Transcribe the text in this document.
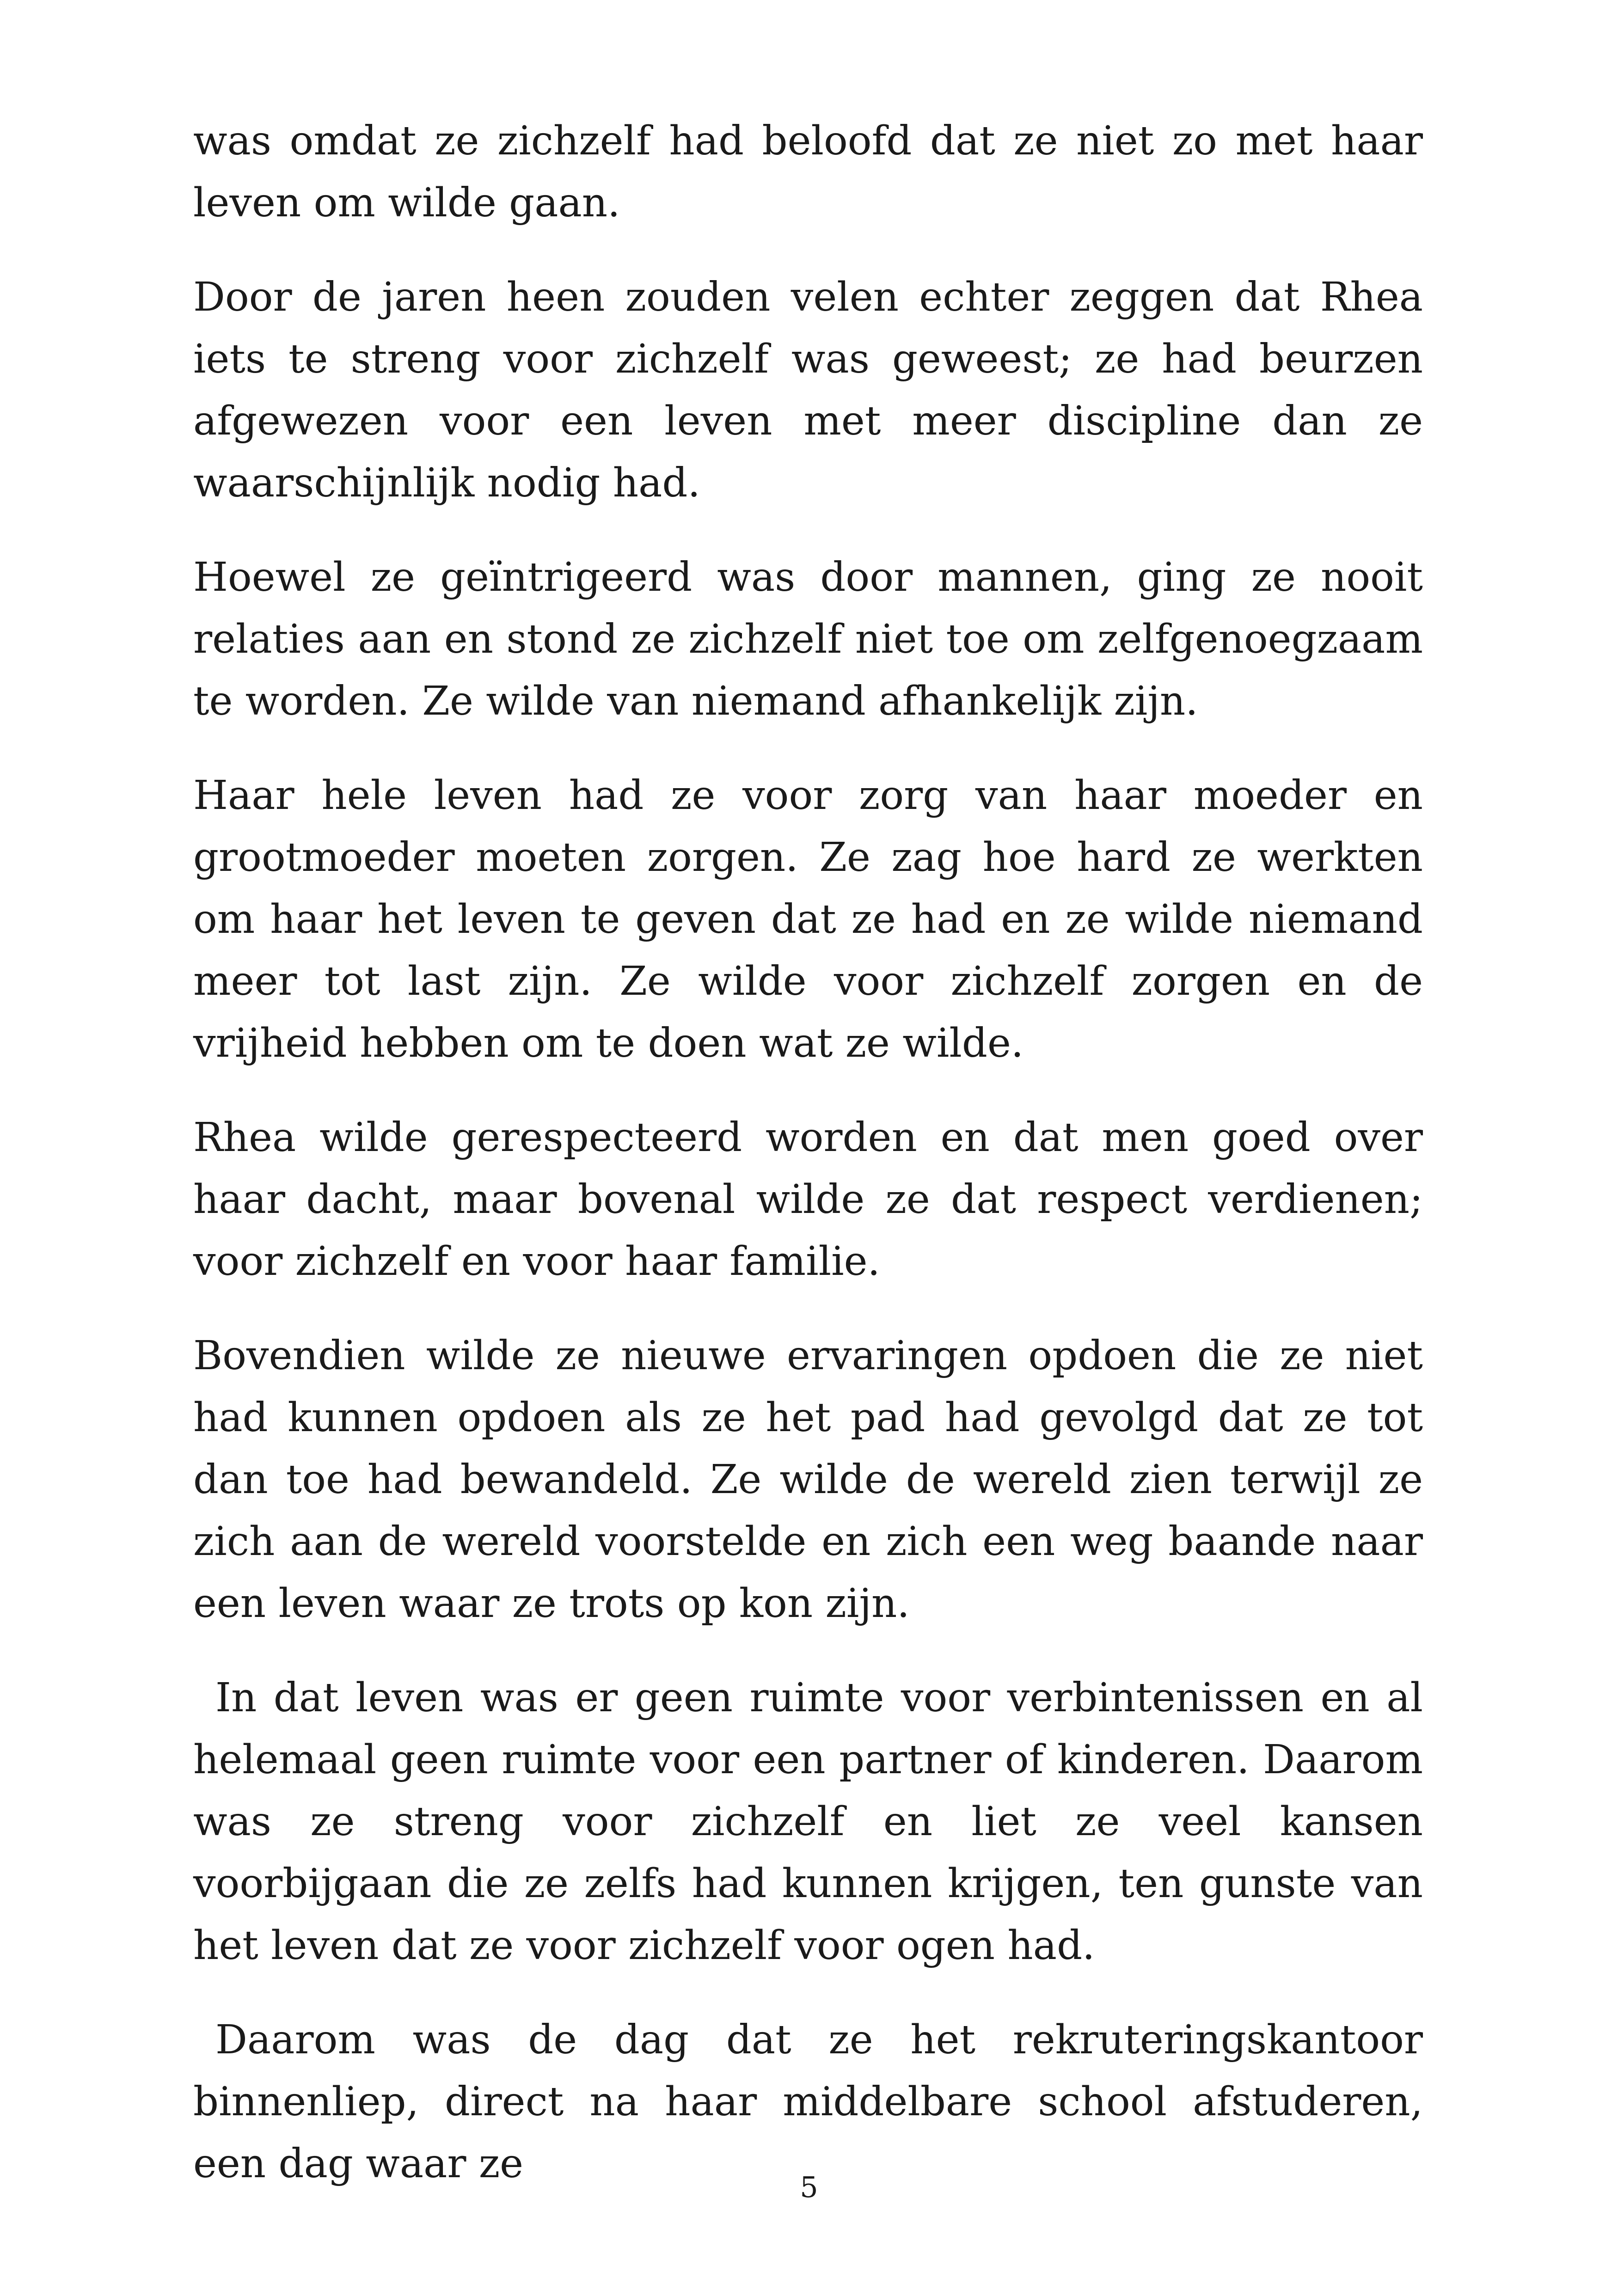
was omdat ze zichzelf had beloofd dat ze niet zo met haar leven om wilde gaan.

Door de jaren heen zouden velen echter zeggen dat Rhea iets te streng voor zichzelf was geweest; ze had beurzen afgewezen voor een leven met meer discipline dan ze waarschijnlijk nodig had.

Hoewel ze geïntrigeerd was door mannen, ging ze nooit relaties aan en stond ze zichzelf niet toe om zelfgenoegzaam te worden. Ze wilde van niemand afhankelijk zijn.

Haar hele leven had ze voor zorg van haar moeder en grootmoeder moeten zorgen. Ze zag hoe hard ze werkten om haar het leven te geven dat ze had en ze wilde niemand meer tot last zijn. Ze wilde voor zichzelf zorgen en de vrijheid hebben om te doen wat ze wilde.

Rhea wilde gerespecteerd worden en dat men goed over haar dacht, maar bovenal wilde ze dat respect verdienen; voor zichzelf en voor haar familie.

Bovendien wilde ze nieuwe ervaringen opdoen die ze niet had kunnen opdoen als ze het pad had gevolgd dat ze tot dan toe had bewandeld. Ze wilde de wereld zien terwijl ze zich aan de wereld voorstelde en zich een weg baande naar een leven waar ze trots op kon zijn.

In dat leven was er geen ruimte voor verbintenissen en al helemaal geen ruimte voor een partner of kinderen. Daarom was ze streng voor zichzelf en liet ze veel kansen voorbijgaan die ze zelfs had kunnen krijgen, ten gunste van het leven dat ze voor zichzelf voor ogen had.

Daarom was de dag dat ze het rekruteringskantoor binnenliep, direct na haar middelbare school afstuderen, een dag waar ze

5
